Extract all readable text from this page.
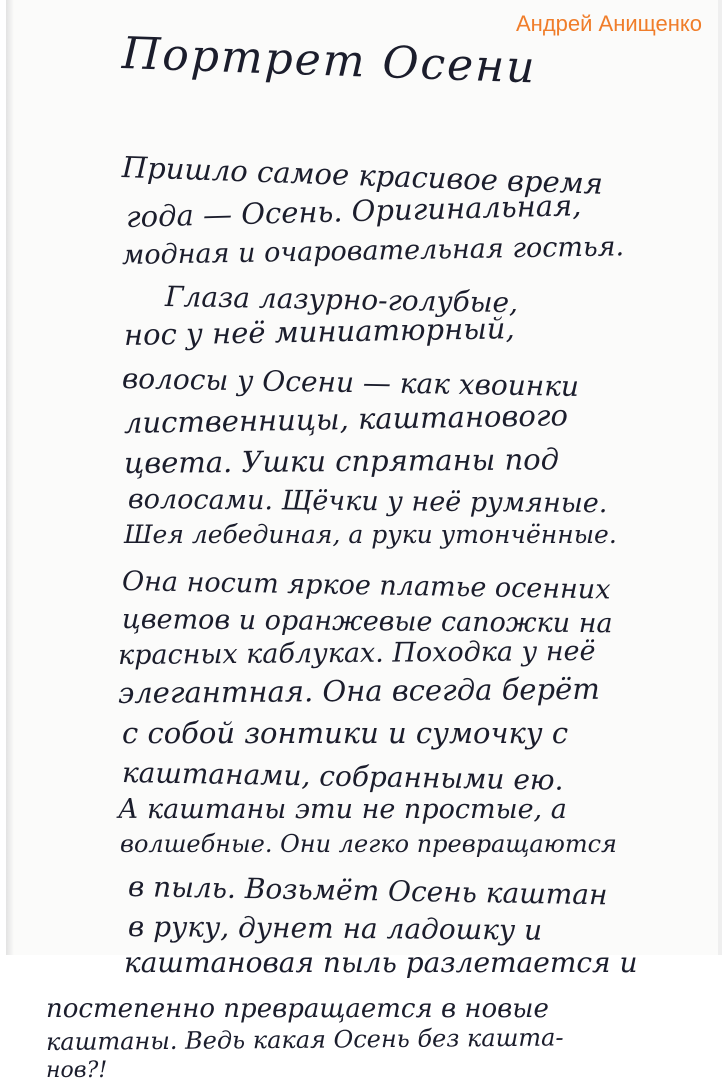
Андрей Анищенко
Портрет Осени
Пришло самое красивое время
года — Осень. Оригинальная,
модная и очаровательная гостья.
Глаза лазурно-голубые,
нос у неё миниатюрный,
волосы у Осени — как хвоинки
лиственницы, каштанового
цвета. Ушки спрятаны под
волосами. Щёчки у неё румяные.
Шея лебединая, а руки утончённые.
Она носит яркое платье осенних
цветов и оранжевые сапожки на
красных каблуках. Походка у неё
элегантная. Она всегда берёт
с собой зонтики и сумочку с
каштанами, собранными ею.
А каштаны эти не простые, а
волшебные. Они легко превращаются
в пыль. Возьмёт Осень каштан
в руку, дунет на ладошку и
каштановая пыль разлетается и
постепенно превращается в новые
каштаны. Ведь какая Осень без кашта-
нов?!
